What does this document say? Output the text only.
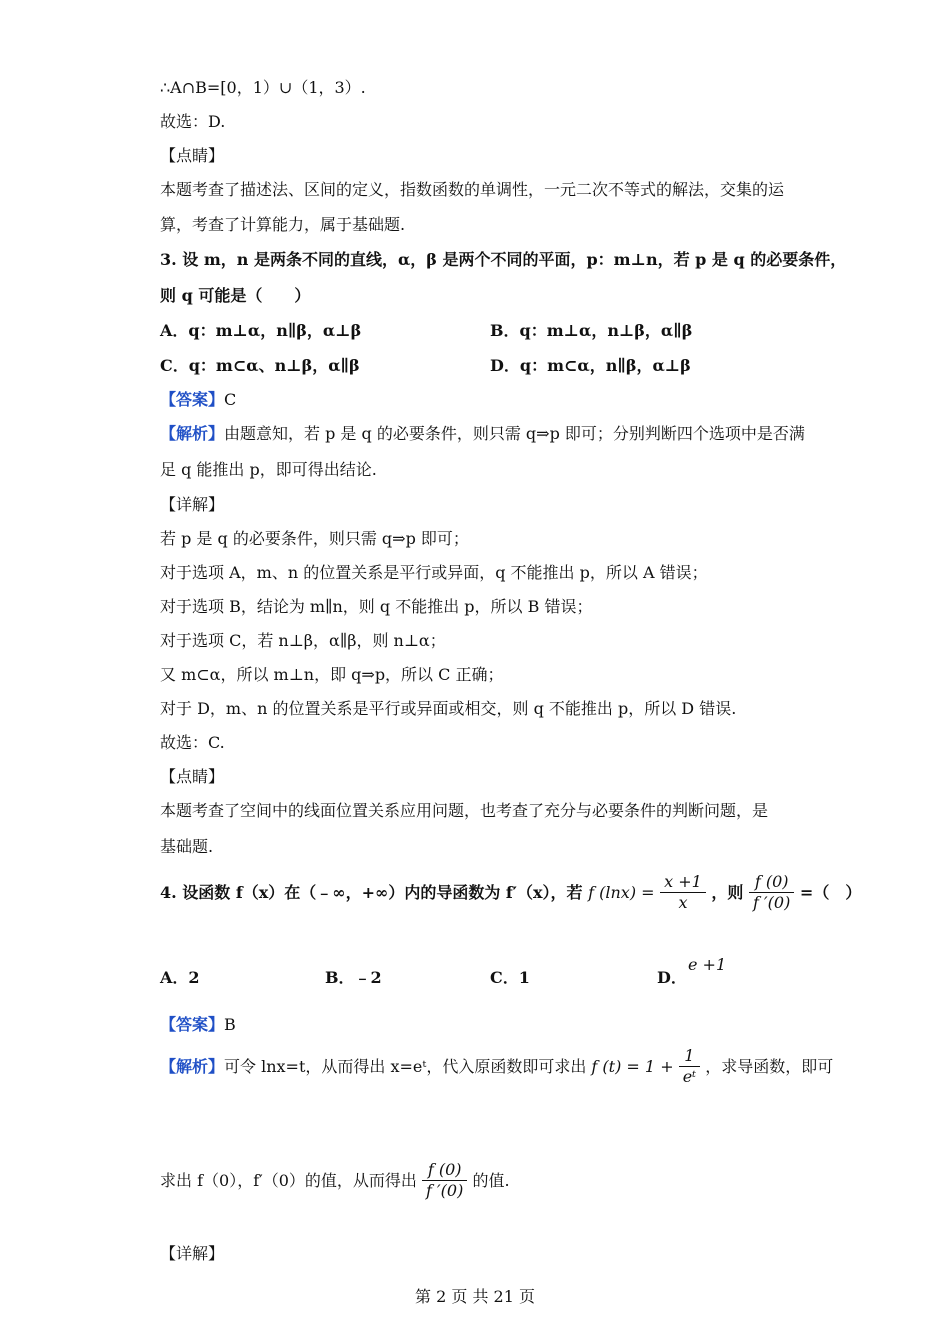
∴A∩B=[0，1）∪（1，3）.
故选：D.
【点睛】
本题考查了描述法、区间的定义，指数函数的单调性，一元二次不等式的解法，交集的运
算，考查了计算能力，属于基础题.
3. 设 m，n 是两条不同的直线，α，β 是两个不同的平面，p：m⊥n，若 p 是 q 的必要条件，
则 q 可能是（　　）
A．q：m⊥α，n∥β，α⊥β	B．q：m⊥α，n⊥β，α∥β
C．q：m⊂α、n⊥β，α∥β	D．q：m⊂α，n∥β，α⊥β
【答案】C
【解析】由题意知，若 p 是 q 的必要条件，则只需 q⇒p 即可；分别判断四个选项中是否满
足 q 能推出 p，即可得出结论.
【详解】
若 p 是 q 的必要条件，则只需 q⇒p 即可；
对于选项 A，m、n 的位置关系是平行或异面，q 不能推出 p，所以 A 错误；
对于选项 B，结论为 m∥n，则 q 不能推出 p，所以 B 错误；
对于选项 C，若 n⊥β，α∥β，则 n⊥α；
又 m⊂α，所以 m⊥n，即 q⇒p，所以 C 正确；
对于 D，m、n 的位置关系是平行或异面或相交，则 q 不能推出 p，所以 D 错误.
故选：C.
【点睛】
本题考查了空间中的线面位置关系应用问题，也考查了充分与必要条件的判断问题，是
基础题.
4. 设函数 f（x）在（﹣∞，+∞）内的导函数为 f′（x），若 f $(\ln x) = \frac{x +1}{x}$ ，则 $\frac{f (0)}{f '(0)}$ =（　）
A．2	B．﹣2	C．1	D．
e +1
【答案】B
【解析】可令 lnx=t，从而得出 x=eᵗ，代入原函数即可求出 f $(t) = 1 + \frac{1}{\text{eᵗ}}$ ，求导函数，即可
求出 f（0），f′（0）的值，从而得出 $\frac{f (0)}{f '(0)}$ 的值.
【详解】
第 2 页 共 21 页
